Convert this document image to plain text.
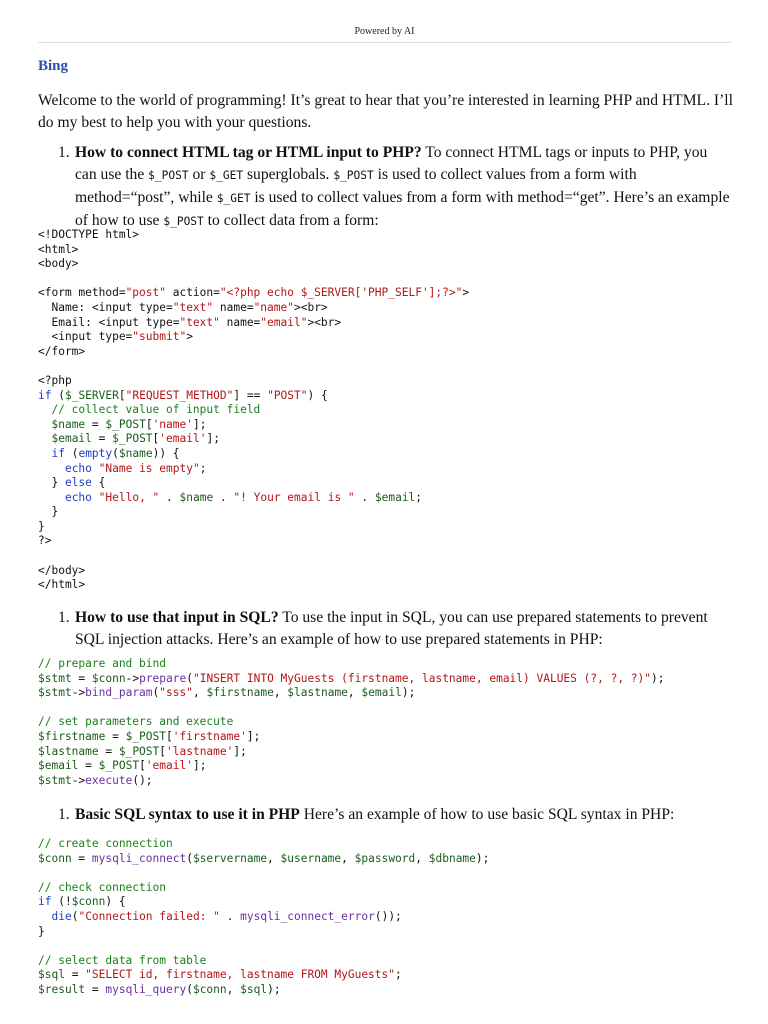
Powered by AI
Bing

Welcome to the world of programming! It’s great to hear that you’re interested in learning PHP and HTML. I’ll do my best to help you with your questions.

1. How to connect HTML tag or HTML input to PHP? To connect HTML tags or inputs to PHP, you can use the $_POST or $_GET superglobals. $_POST is used to collect values from a form with method=“post”, while $_GET is used to collect values from a form with method=“get”. Here’s an example of how to use $_POST to collect data from a form:
<!DOCTYPE html>
<html>
<body>

<form method="post" action="<?php echo $_SERVER['PHP_SELF'];?>">
Name: <input type="text" name="name"><br>
Email: <input type="text" name="email"><br>
<input type="submit">
</form>

<?php
if ($_SERVER["REQUEST_METHOD"] == "POST") {
// collect value of input field
$name = $_POST['name'];
$email = $_POST['email'];
if (empty($name)) {
echo "Name is empty";
} else {
echo "Hello, " . $name . "! Your email is " . $email;
}
}
?>

</body>
</html>
1. How to use that input in SQL? To use the input in SQL, you can use prepared statements to prevent SQL injection attacks. Here’s an example of how to use prepared statements in PHP:
// prepare and bind
$stmt = $conn->prepare("INSERT INTO MyGuests (firstname, lastname, email) VALUES (?, ?, ?)");
$stmt->bind_param("sss", $firstname, $lastname, $email);

// set parameters and execute
$firstname = $_POST['firstname'];
$lastname = $_POST['lastname'];
$email = $_POST['email'];
$stmt->execute();
1. Basic SQL syntax to use it in PHP Here’s an example of how to use basic SQL syntax in PHP:
// create connection
$conn = mysqli_connect($servername, $username, $password, $dbname);

// check connection
if (!$conn) {
die("Connection failed: " . mysqli_connect_error());
}

// select data from table
$sql = "SELECT id, firstname, lastname FROM MyGuests";
$result = mysqli_query($conn, $sql);
